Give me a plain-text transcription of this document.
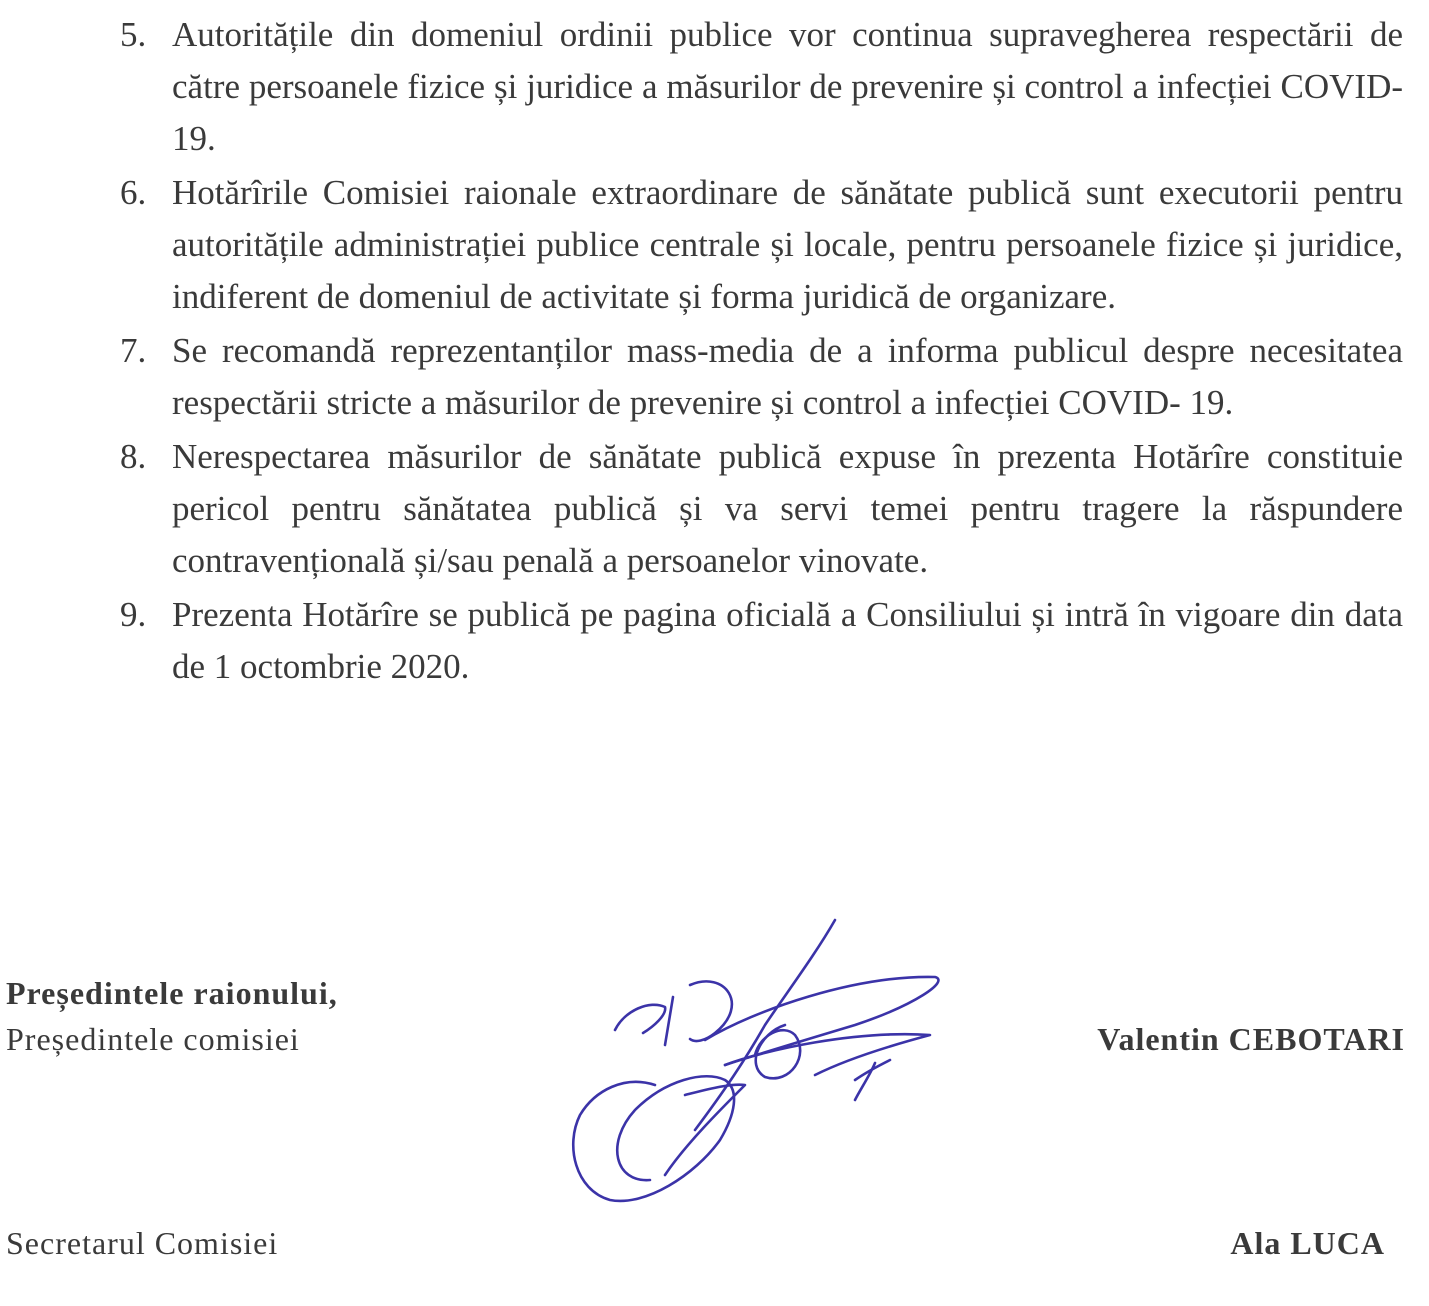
5. Autoritățile din domeniul ordinii publice vor continua supravegherea respectării de către persoanele fizice și juridice a măsurilor de prevenire și control a infecției COVID-19.
6. Hotărîrile Comisiei raionale extraordinare de sănătate publică sunt executorii pentru autoritățile administrației publice centrale și locale, pentru persoanele fizice și juridice, indiferent de domeniul de activitate și forma juridică de organizare.
7. Se recomandă reprezentanților mass-media de a informa publicul despre necesitatea respectării stricte a măsurilor de prevenire și control a infecției COVID- 19.
8. Nerespectarea măsurilor de sănătate publică expuse în prezenta Hotărîre constituie pericol pentru sănătatea publică și va servi temei pentru tragere la răspundere contravențională și/sau penală a persoanelor vinovate.
9. Prezenta Hotărîre se publică pe pagina oficială a Consiliului și intră în vigoare din data de 1 octombrie 2020.
Președintele raionului,
Președintele comisiei	Valentin CEBOTARI
Secretarul Comisiei	Ala LUCA
